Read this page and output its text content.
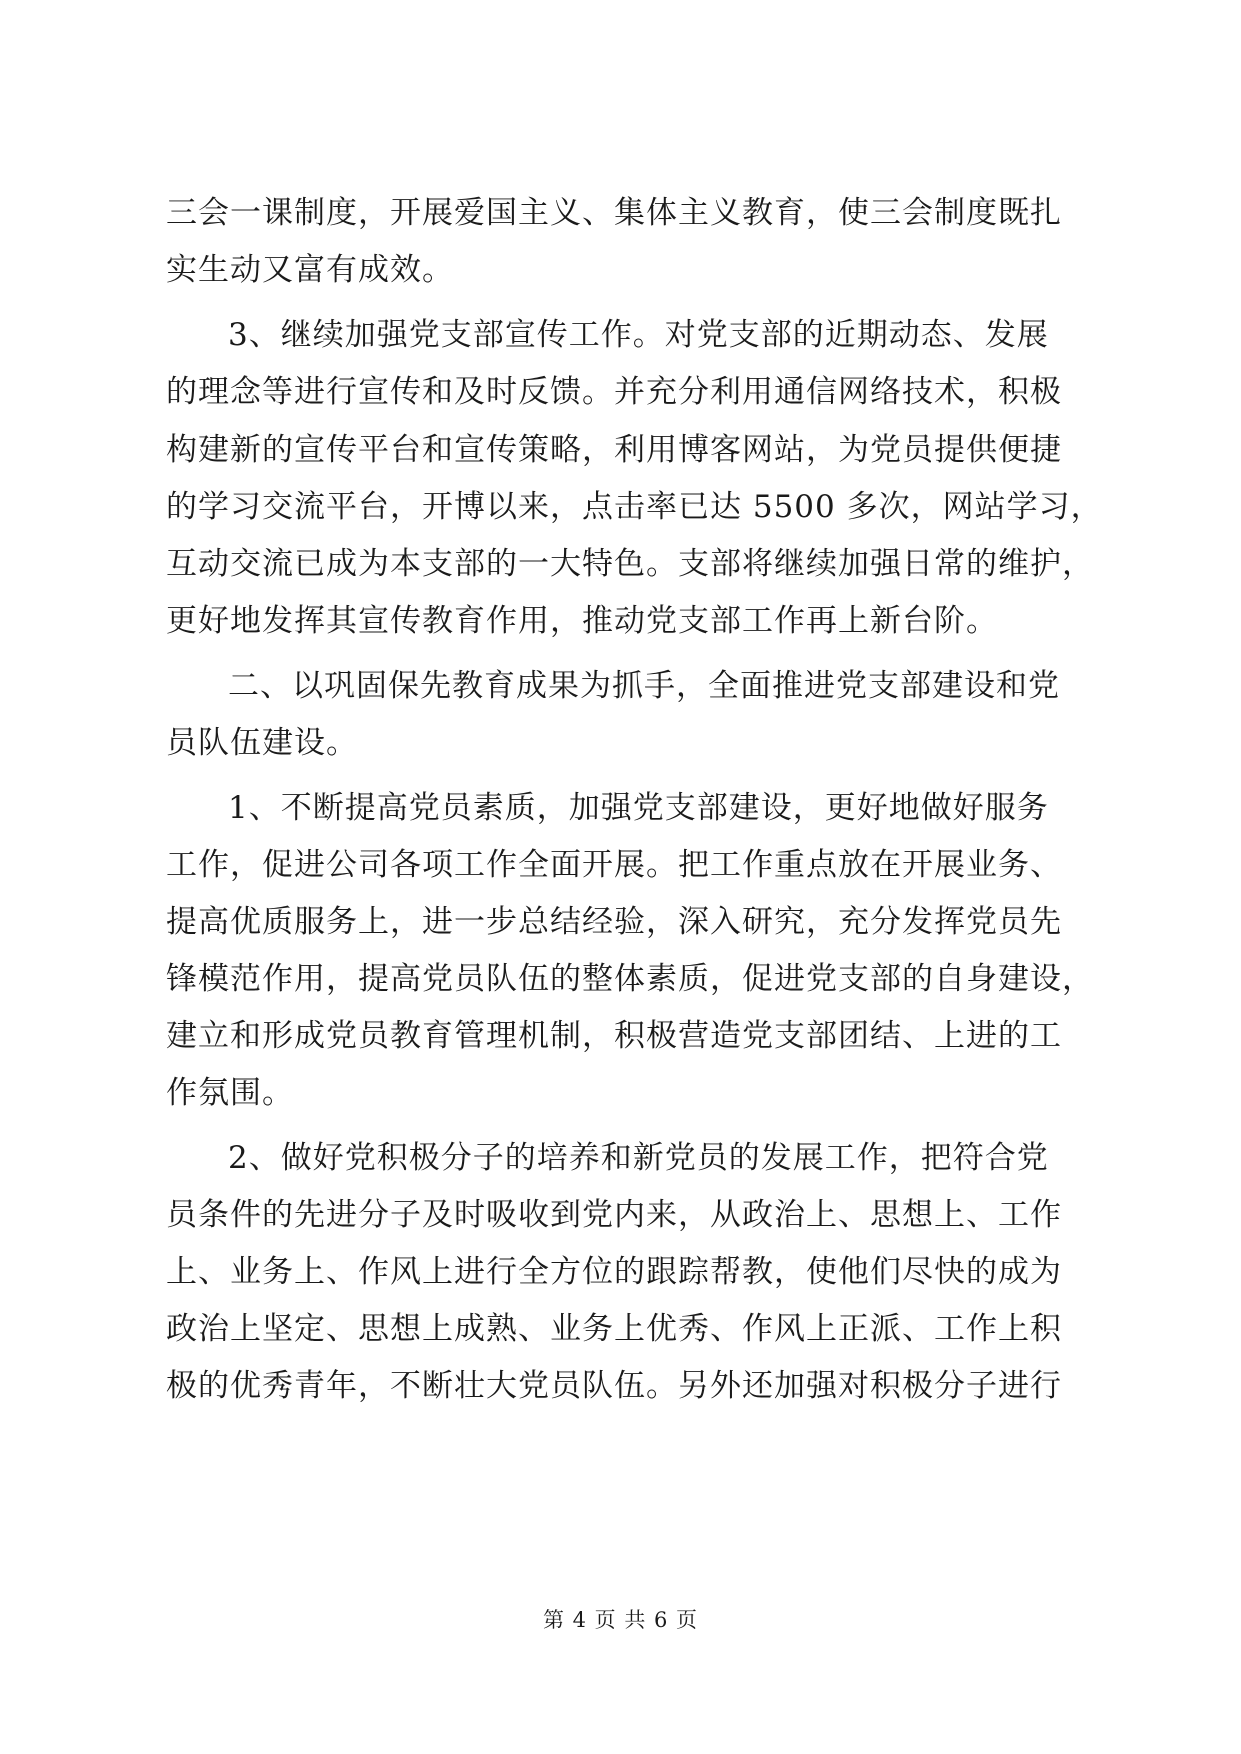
三会一课制度，开展爱国主义、集体主义教育，使三会制度既扎
实生动又富有成效。
3、继续加强党支部宣传工作。对党支部的近期动态、发展
的理念等进行宣传和及时反馈。并充分利用通信网络技术，积极
构建新的宣传平台和宣传策略，利用博客网站，为党员提供便捷
的学习交流平台，开博以来，点击率已达 5500 多次，网站学习，
互动交流已成为本支部的一大特色。支部将继续加强日常的维护，
更好地发挥其宣传教育作用，推动党支部工作再上新台阶。
二、以巩固保先教育成果为抓手，全面推进党支部建设和党
员队伍建设。
1、不断提高党员素质，加强党支部建设，更好地做好服务
工作，促进公司各项工作全面开展。把工作重点放在开展业务、
提高优质服务上，进一步总结经验，深入研究，充分发挥党员先
锋模范作用，提高党员队伍的整体素质，促进党支部的自身建设，
建立和形成党员教育管理机制，积极营造党支部团结、上进的工
作氛围。
2、做好党积极分子的培养和新党员的发展工作，把符合党
员条件的先进分子及时吸收到党内来，从政治上、思想上、工作
上、业务上、作风上进行全方位的跟踪帮教，使他们尽快的成为
政治上坚定、思想上成熟、业务上优秀、作风上正派、工作上积
极的优秀青年，不断壮大党员队伍。另外还加强对积极分子进行
第 4 页 共 6 页
